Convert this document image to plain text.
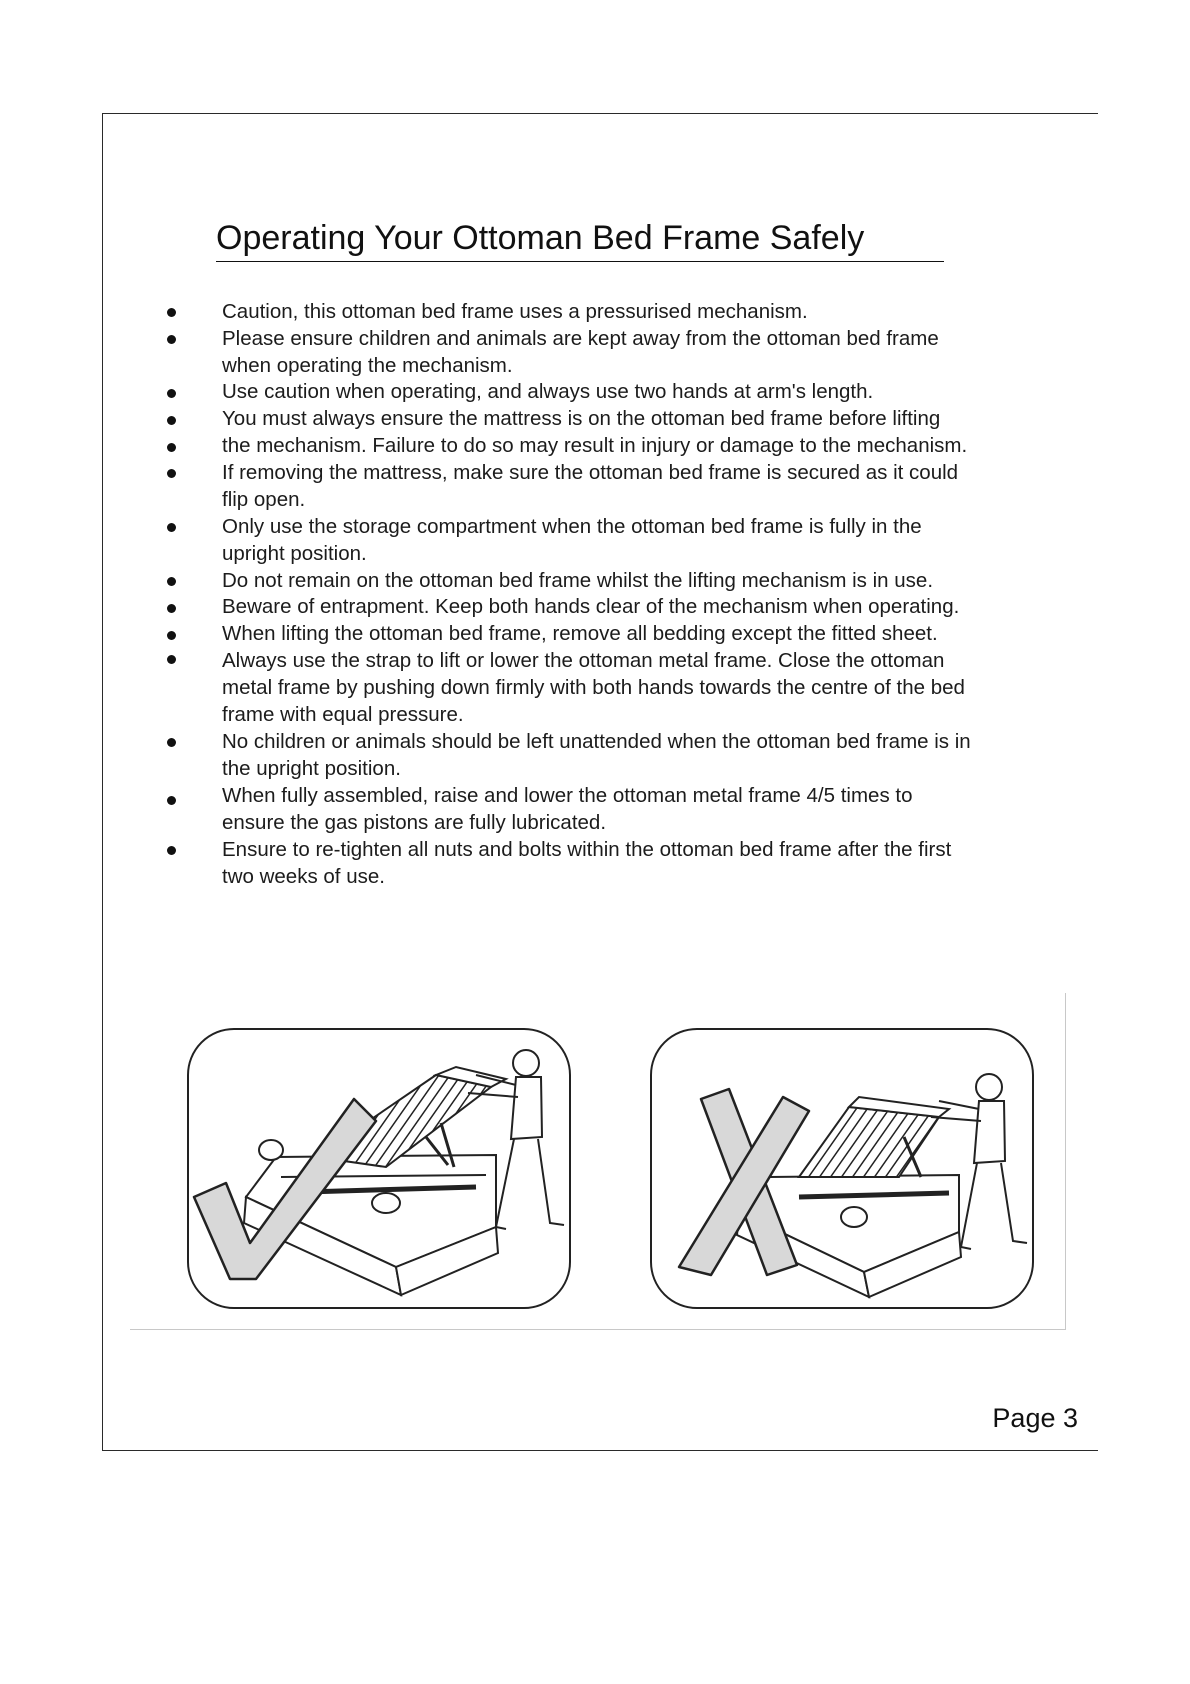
Operating Your Ottoman Bed Frame Safely
Caution, this ottoman bed frame uses a pressurised mechanism.
Please ensure children and animals are kept away from the ottoman bed frame
when operating the mechanism.
Use caution when operating, and always use two hands at arm's length.
You must always ensure the mattress is on the ottoman bed frame before lifting
the mechanism. Failure to do so may result in injury or damage to the mechanism.
If removing the mattress, make sure the ottoman bed frame is secured as it could
flip open.
Only use the storage compartment when the ottoman bed frame is fully in the
upright position.
Do not remain on the ottoman bed frame whilst the lifting mechanism is in use.
Beware of entrapment. Keep both hands clear of the mechanism when operating.
When lifting the ottoman bed frame, remove all bedding except the fitted sheet.
Always use the strap to lift or lower the ottoman metal frame. Close the ottoman
metal frame by pushing down firmly with both hands towards the centre of the bed
frame with equal pressure.
No children or animals should be left unattended when the ottoman bed frame is in
the upright position.
When fully assembled, raise and lower the ottoman metal frame 4/5 times to
ensure the gas pistons are fully lubricated.
Ensure to re-tighten all nuts and bolts within the ottoman bed frame after the first
two weeks of use.
Page 3
